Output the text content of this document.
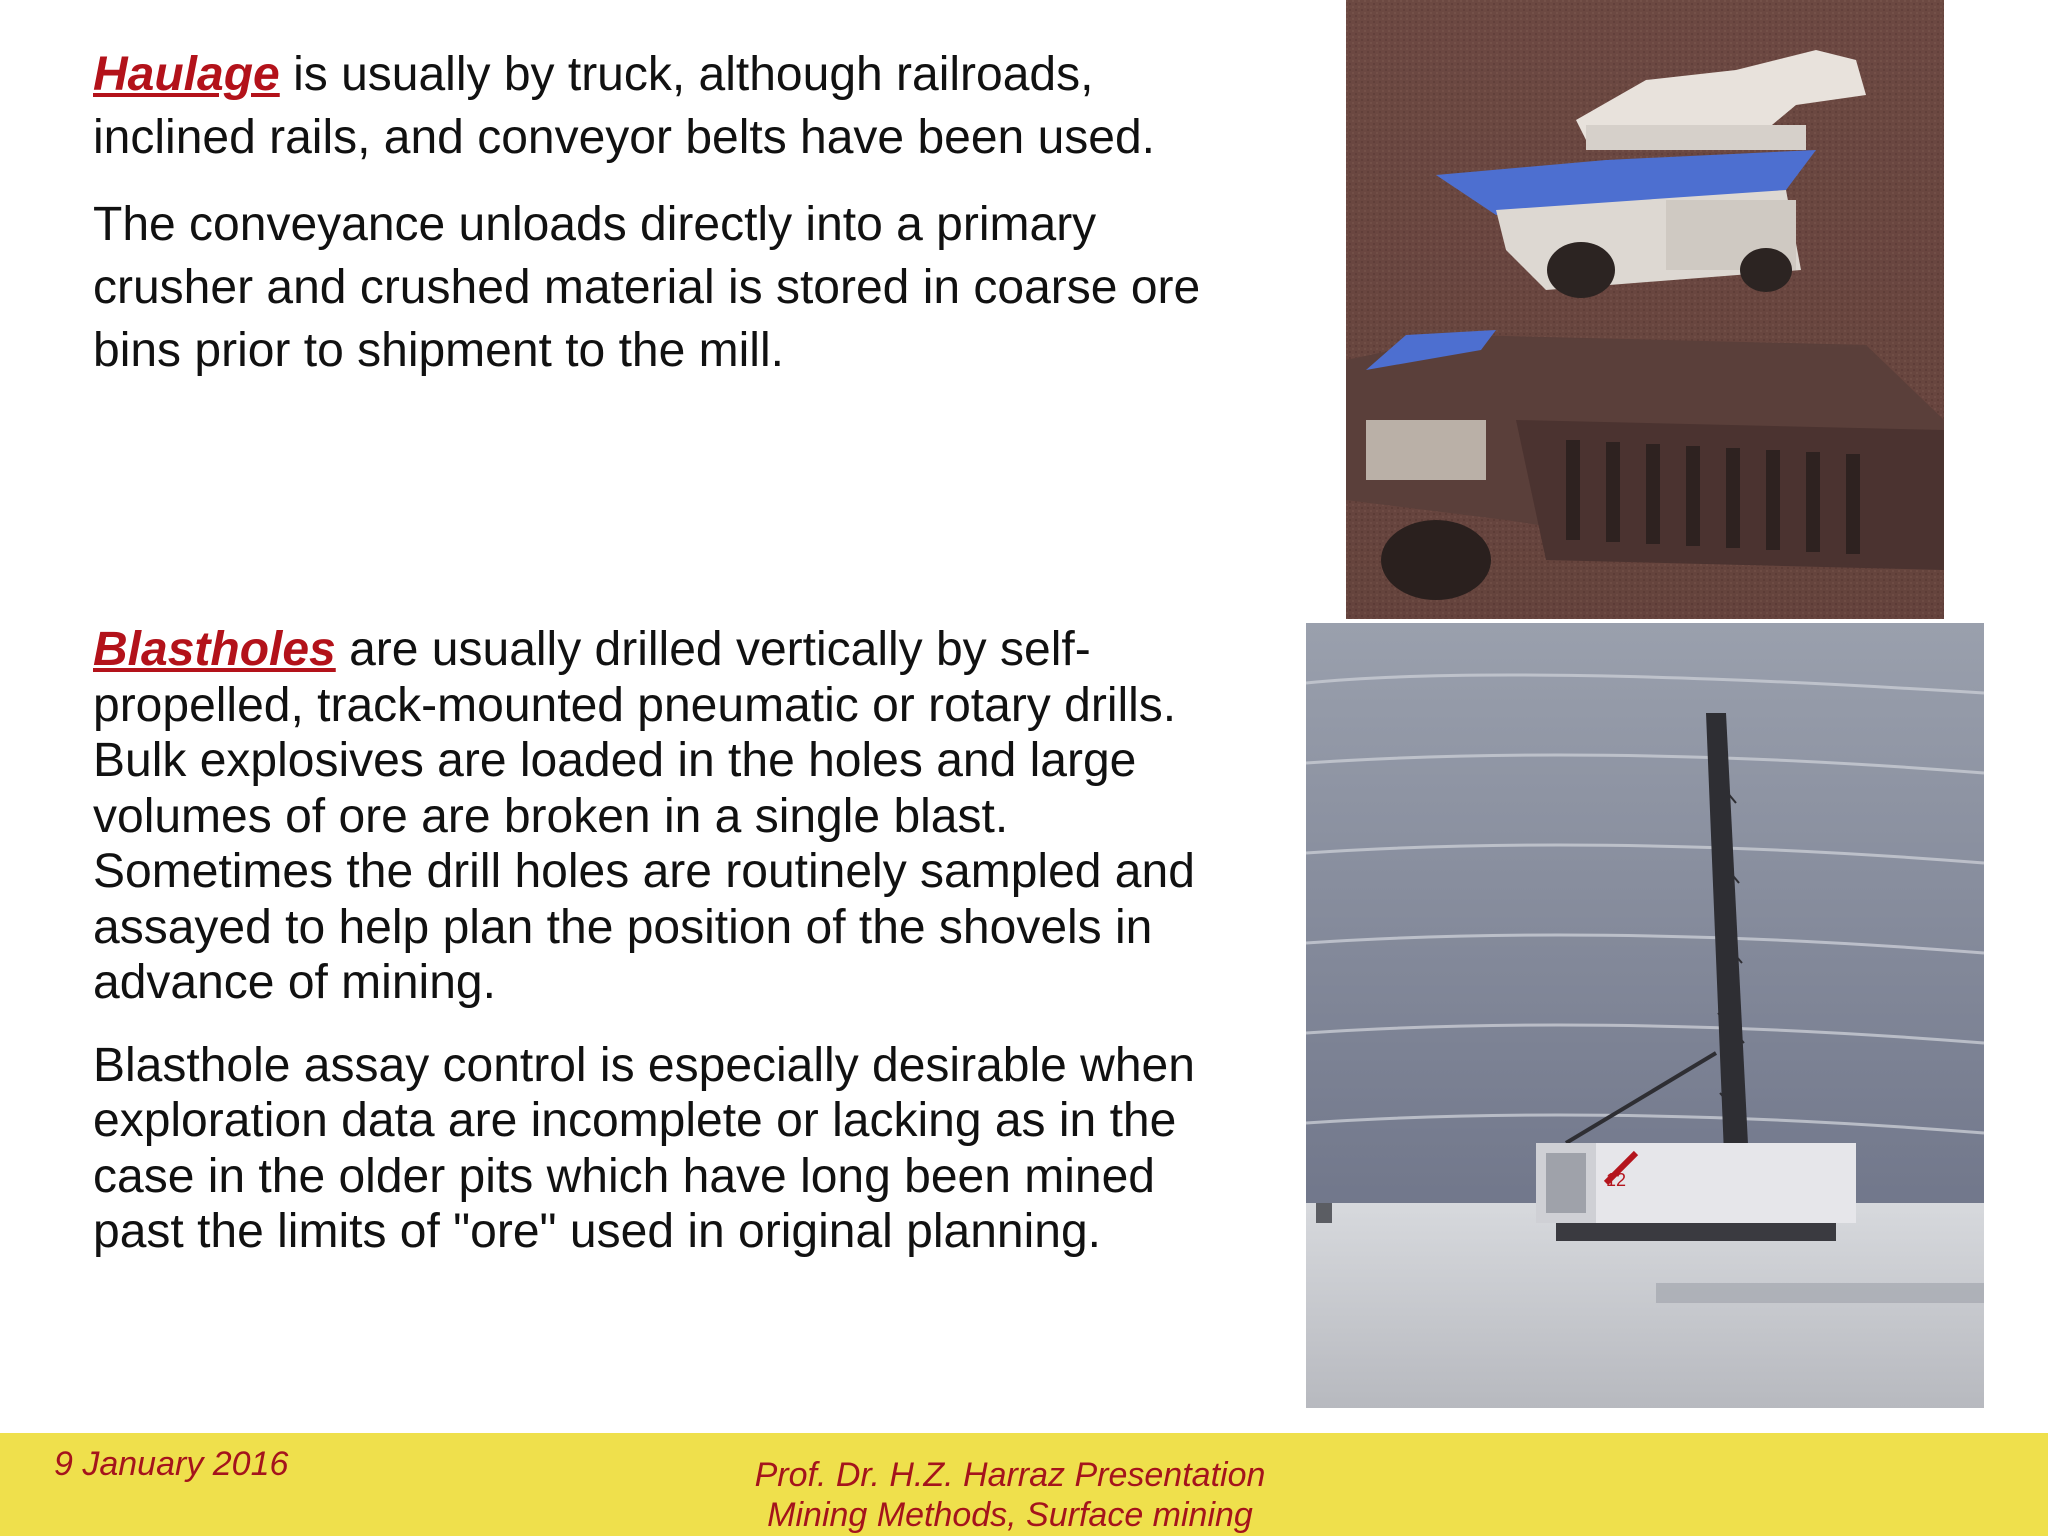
Haulage is usually by truck, although railroads, inclined rails, and conveyor belts have been used.

The conveyance unloads directly into a primary crusher and crushed material is stored in coarse ore bins prior to shipment to the mill.

Blastholes are usually drilled vertically by self-propelled, track-mounted pneumatic or rotary drills. Bulk explosives are loaded in the holes and large volumes of ore are broken in a single blast. Sometimes the drill holes are routinely sampled and assayed to help plan the position of the shovels in advance of mining.

Blasthole assay control is especially desirable when exploration data are incomplete or lacking as in the case in the older pits which have long been mined past the limits of "ore" used in original planning.

12
9 January 2016	Prof. Dr. H.Z. Harraz Presentation
Mining Methods, Surface mining
